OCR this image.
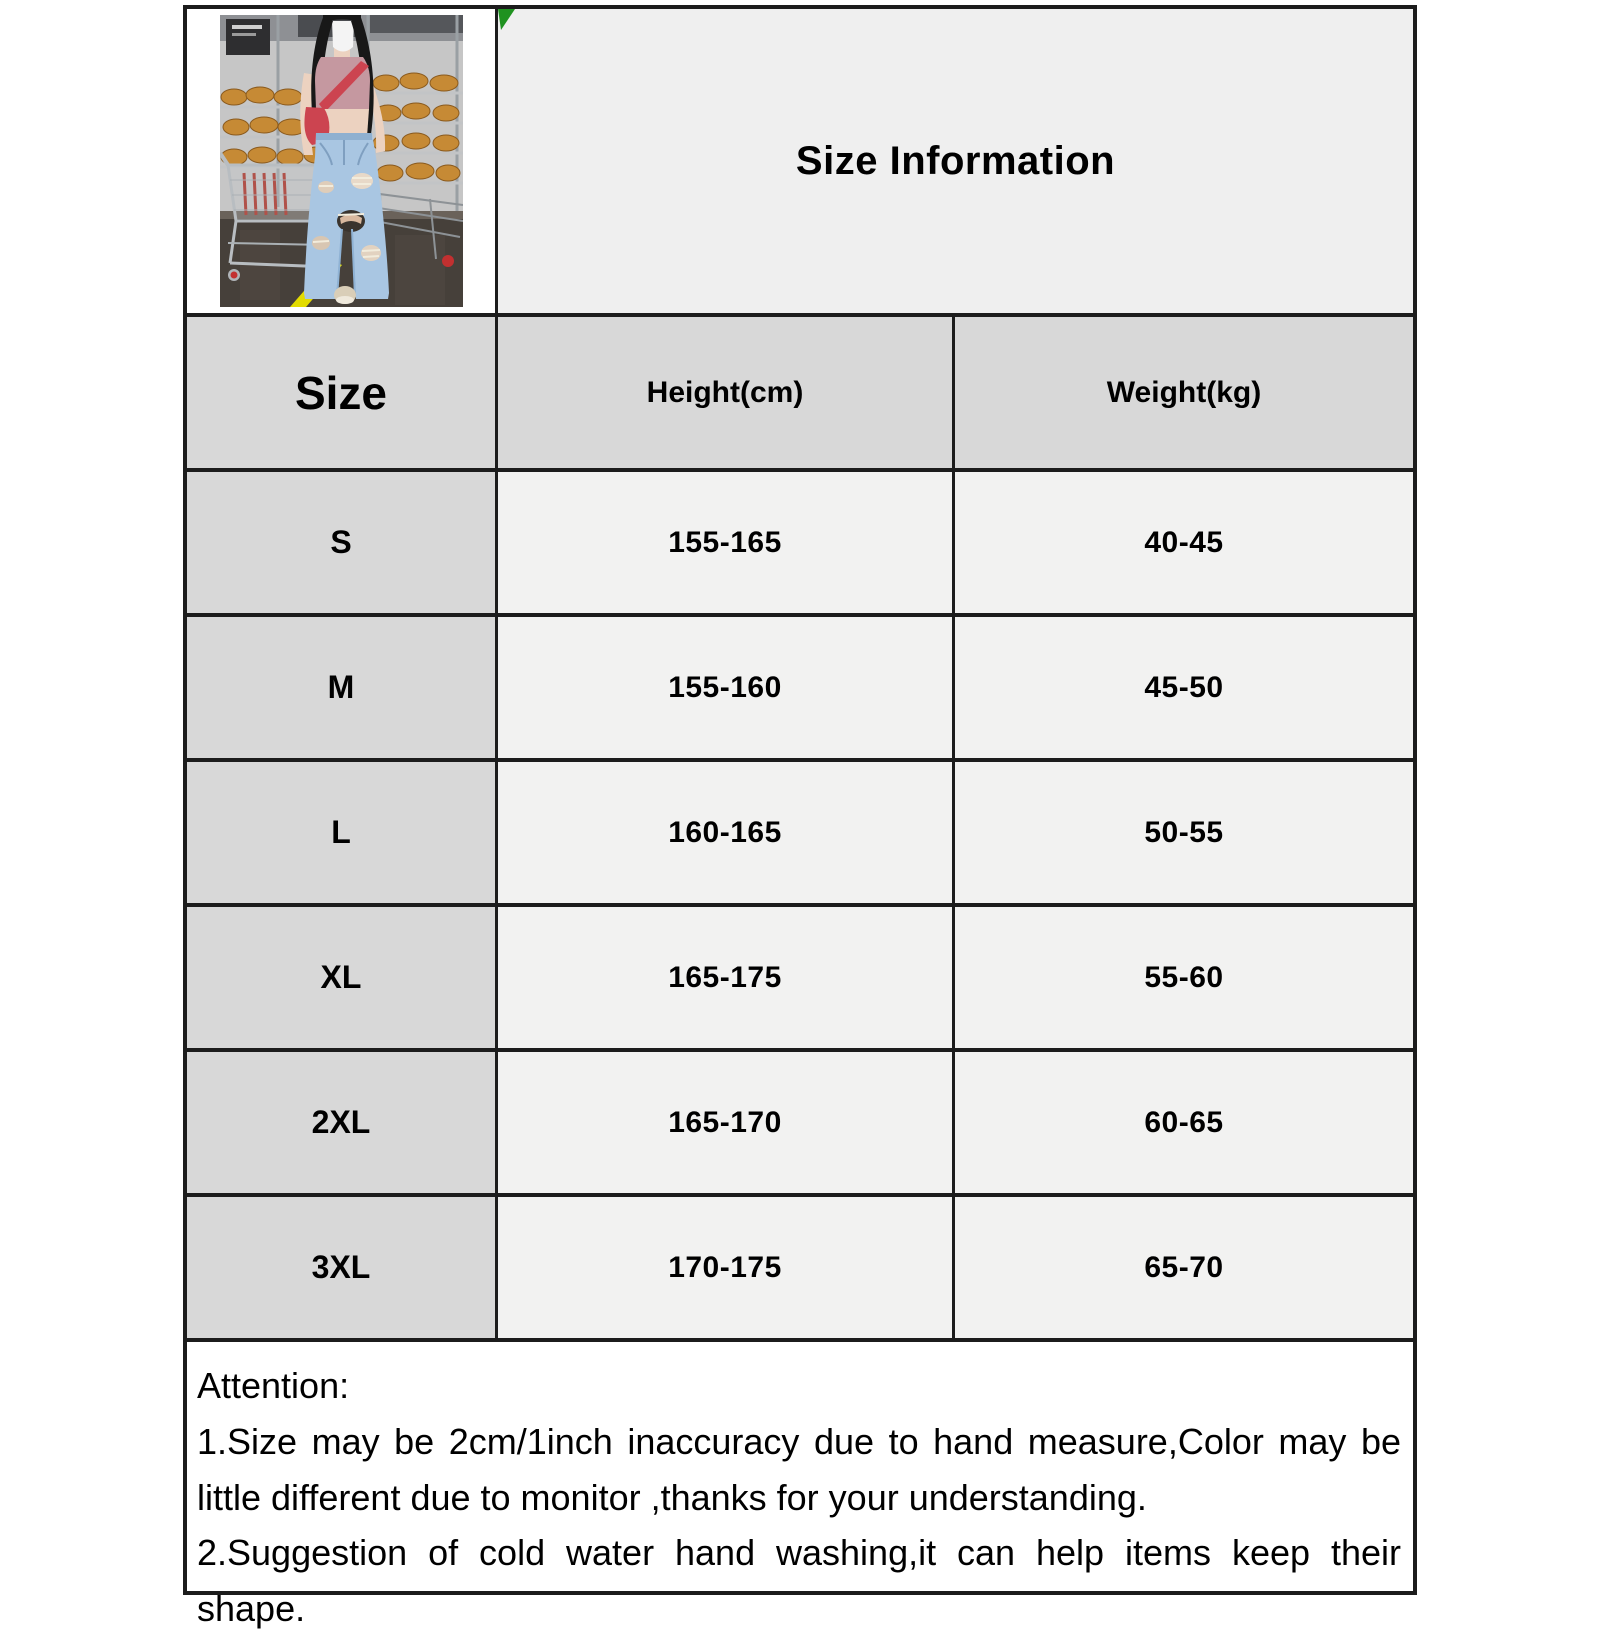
Size Information
Size	Height(cm)	Weight(kg)
S	155-165	40-45
M	155-160	45-50
L	160-165	50-55
XL	165-175	55-60
2XL	165-170	60-65
3XL	170-175	65-70

Attention:

1.Size may be 2cm/1inch inaccuracy due to hand measure,Color may be little different due to monitor ,thanks for your understanding.

2.Suggestion of cold water hand washing,it can help items keep their shape.
